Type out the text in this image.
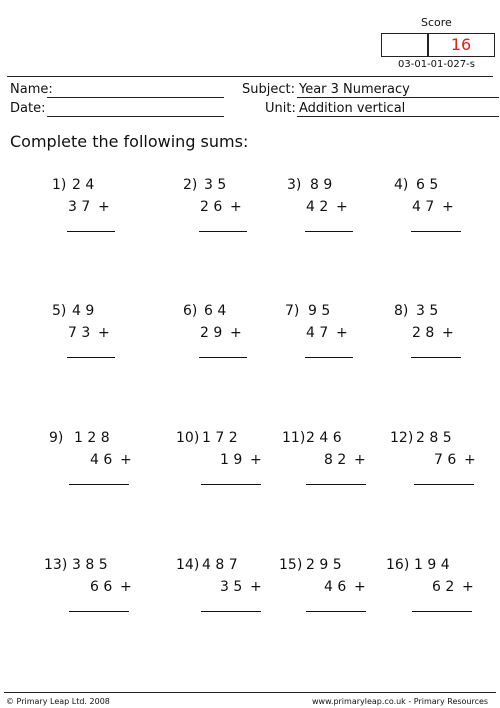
Score
16
03-01-01-027-s
Name:
Date:
Subject: Year 3 Numeracy
Unit: Addition vertical
Complete the following sums:
1) 2 4
3 7 +
2) 3 5
2 6 +
3) 8 9
4 2 +
4) 6 5
4 7 +
5) 4 9
7 3 +
6) 6 4
2 9 +
7) 9 5
4 7 +
8) 3 5
2 8 +
9) 1 2 8
4 6 +
10) 1 7 2
1 9 +
11) 2 4 6
8 2 +
12) 2 8 5
7 6 +
13) 3 8 5
6 6 +
14) 4 8 7
3 5 +
15) 2 9 5
4 6 +
16) 1 9 4
6 2 +
© Primary Leap Ltd. 2008	www.primaryleap.co.uk - Primary Resources
